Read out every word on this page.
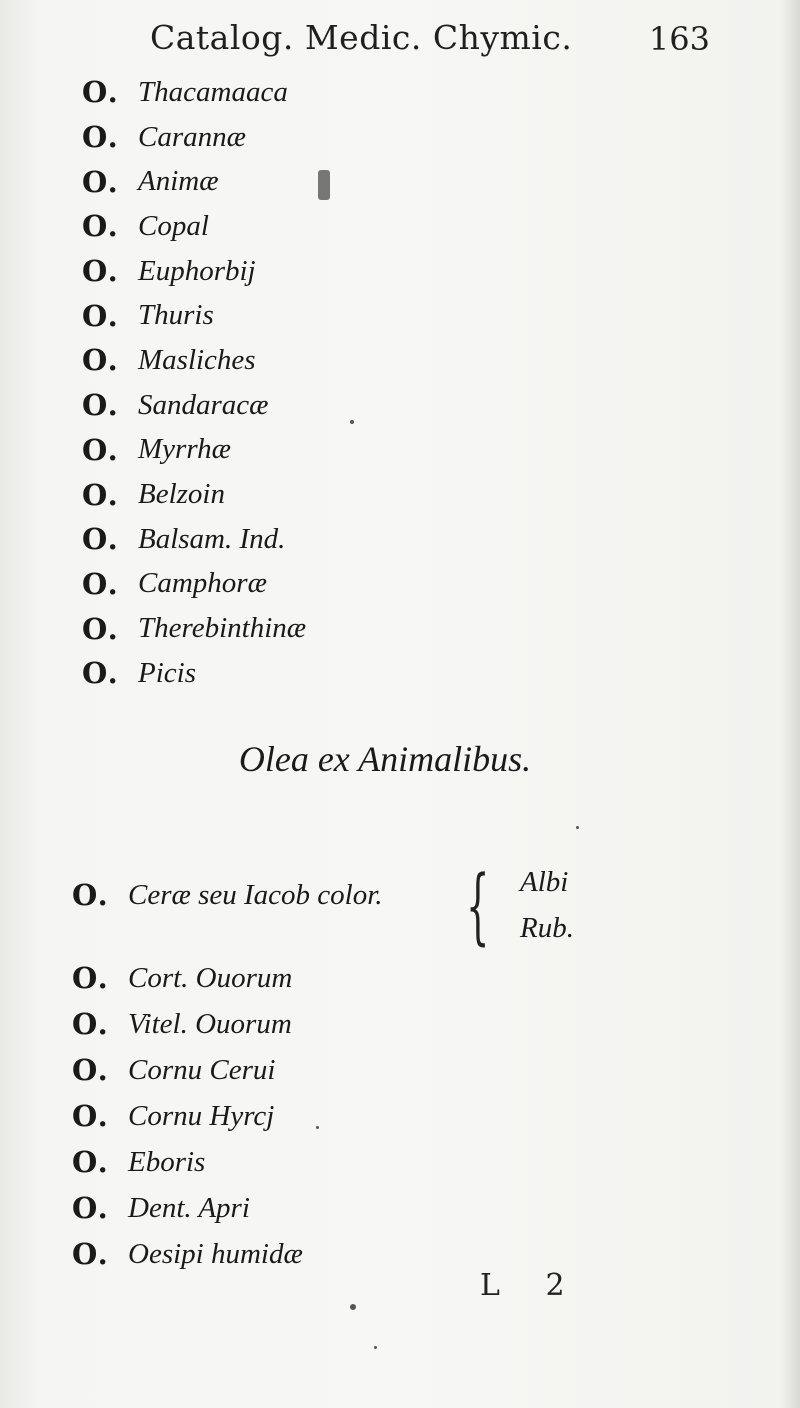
Catalog. Medic. Chymic. 163
O. Thacamaaca
O. Carannæ
O. Animæ
O. Copal
O. Euphorbij
O. Thuris
O. Masliches
O. Sandaracæ
O. Myrrhæ
O. Belzoin
O. Balsam. Ind.
O. Camphoræ
O. Therebinthinæ
O. Picis
Olea ex Animalibus.
O. Ceræ seu Iacob color. { Albi
Rub.
O. Cort. Ouorum
O. Vitel. Ouorum
O. Cornu Cerui
O. Cornu Hyrcj
O. Eboris
O. Dent. Apri
O. Oesipi humidæ
L 2
